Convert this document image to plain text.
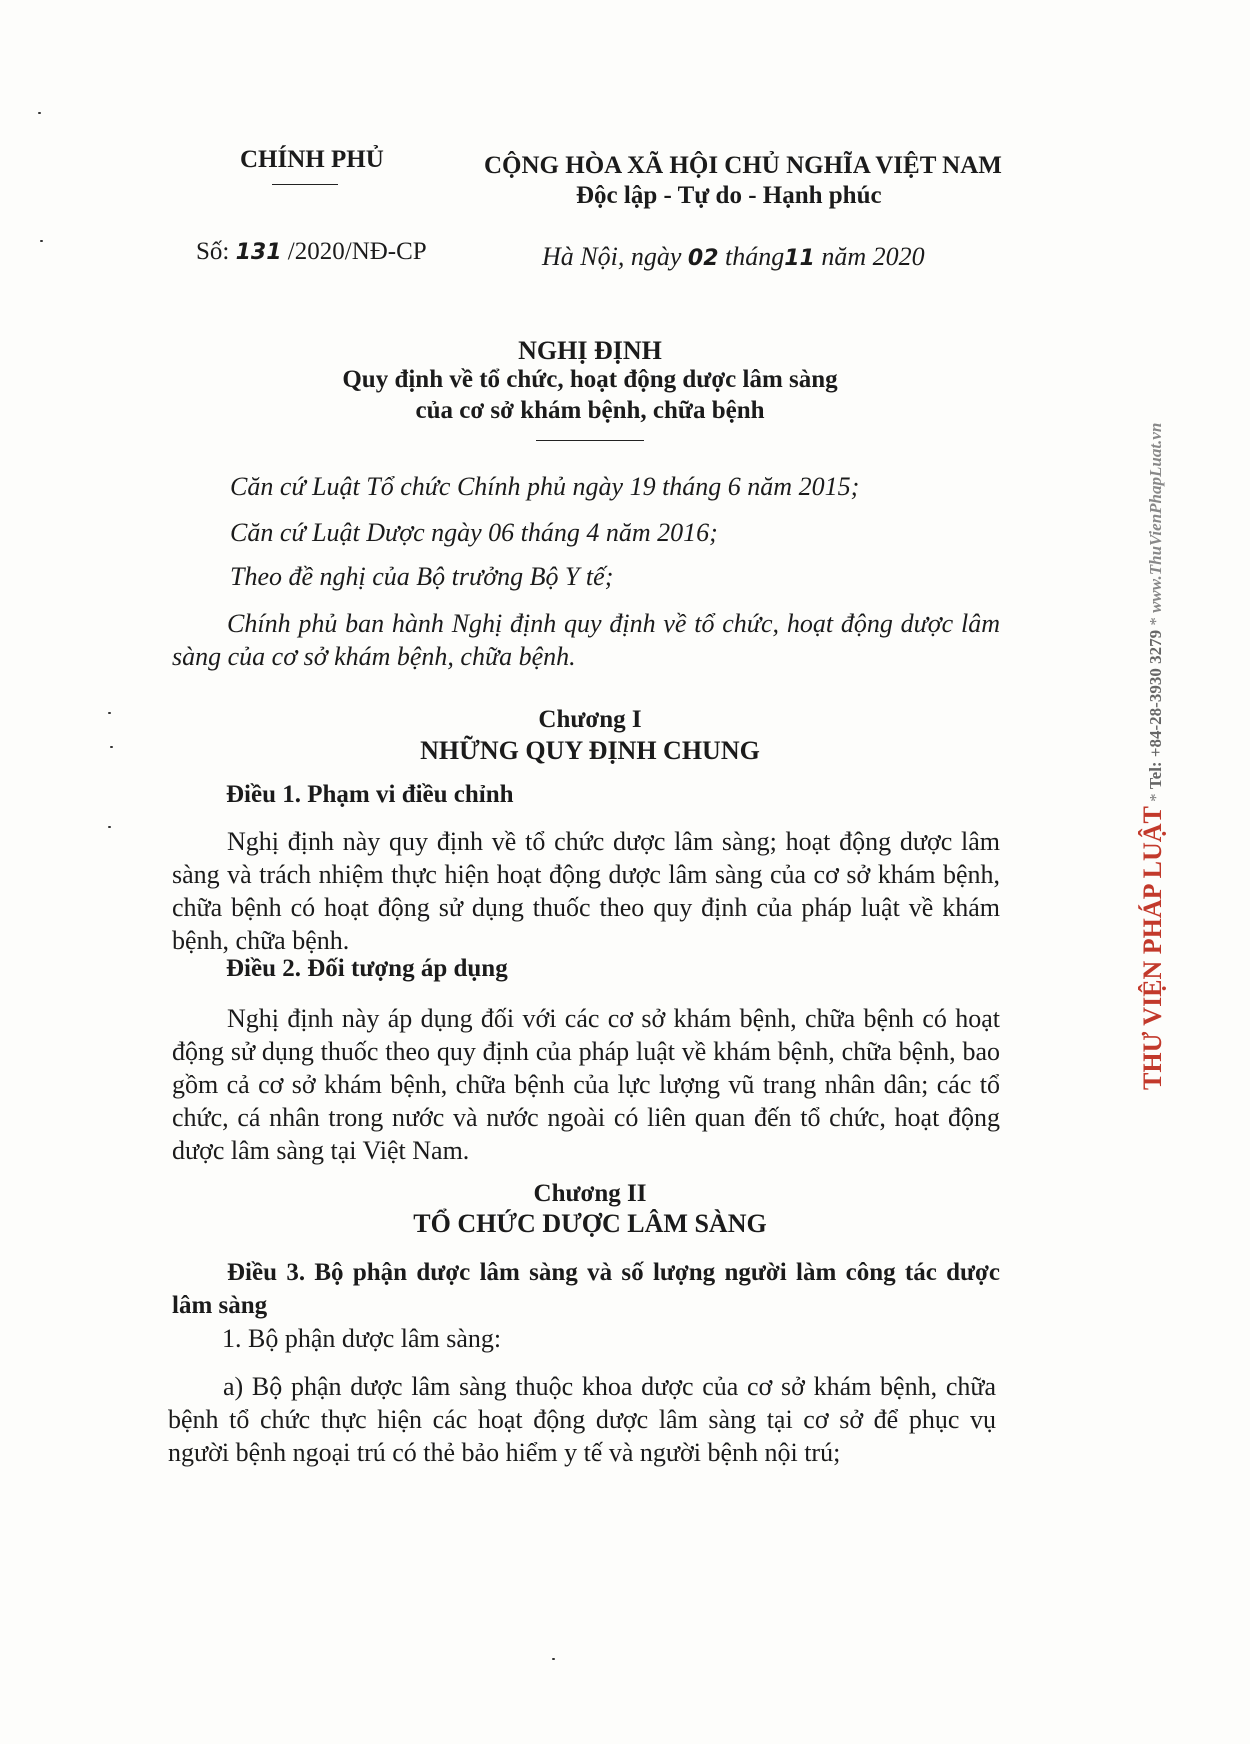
CHÍNH PHỦ	CỘNG HÒA XÃ HỘI CHỦ NGHĨA VIỆT NAM
Độc lập - Tự do - Hạnh phúc
Số: 131 /2020/NĐ-CP	Hà Nội, ngày 02 tháng11 năm 2020
NGHỊ ĐỊNH
Quy định về tổ chức, hoạt động dược lâm sàng
của cơ sở khám bệnh, chữa bệnh
Căn cứ Luật Tổ chức Chính phủ ngày 19 tháng 6 năm 2015;
Căn cứ Luật Dược ngày 06 tháng 4 năm 2016;
Theo đề nghị của Bộ trưởng Bộ Y tế;
Chính phủ ban hành Nghị định quy định về tổ chức, hoạt động dược lâm sàng của cơ sở khám bệnh, chữa bệnh.
Chương I
NHỮNG QUY ĐỊNH CHUNG
Điều 1. Phạm vi điều chỉnh
Nghị định này quy định về tổ chức dược lâm sàng; hoạt động dược lâm sàng và trách nhiệm thực hiện hoạt động dược lâm sàng của cơ sở khám bệnh, chữa bệnh có hoạt động sử dụng thuốc theo quy định của pháp luật về khám bệnh, chữa bệnh.
Điều 2. Đối tượng áp dụng
Nghị định này áp dụng đối với các cơ sở khám bệnh, chữa bệnh có hoạt động sử dụng thuốc theo quy định của pháp luật về khám bệnh, chữa bệnh, bao gồm cả cơ sở khám bệnh, chữa bệnh của lực lượng vũ trang nhân dân; các tổ chức, cá nhân trong nước và nước ngoài có liên quan đến tổ chức, hoạt động dược lâm sàng tại Việt Nam.
Chương II
TỔ CHỨC DƯỢC LÂM SÀNG
Điều 3. Bộ phận dược lâm sàng và số lượng người làm công tác dược lâm sàng
1. Bộ phận dược lâm sàng:
a) Bộ phận dược lâm sàng thuộc khoa dược của cơ sở khám bệnh, chữa bệnh tổ chức thực hiện các hoạt động dược lâm sàng tại cơ sở để phục vụ người bệnh ngoại trú có thẻ bảo hiểm y tế và người bệnh nội trú;
THƯ VIỆN PHÁP LUẬT * Tel: +84-28-3930 3279 * www.ThuVienPhapLuat.vn
